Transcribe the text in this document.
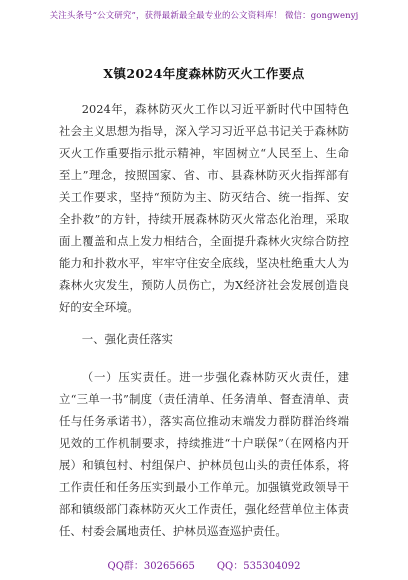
关注头条号“公文研究”，获得最新最全最专业的公文资料库！ 微信：gongwenyj
X镇2024年度森林防灭火工作要点

2024年，森林防灭火工作以习近平新时代中国特色社会主义思想为指导，深入学习习近平总书记关于森林防灭火工作重要指示批示精神，牢固树立“人民至上、生命至上”理念，按照国家、省、市、县森林防灭火指挥部有关工作要求，坚持“预防为主、防灭结合、统一指挥、安全扑救”的方针，持续开展森林防灭火常态化治理，采取面上覆盖和点上发力相结合，全面提升森林火灾综合防控能力和扑救水平，牢牢守住安全底线，坚决杜绝重大人为森林火灾发生，预防人员伤亡，为X经济社会发展创造良好的安全环境。

一、强化责任落实

（一）压实责任。进一步强化森林防灭火责任，建立“三单一书”制度（责任清单、任务清单、督查清单、责任与任务承诺书），落实高位推动末端发力群防群治终端见效的工作机制要求，持续推进“十户联保”（在网格内开展）和镇包村、村组保户、护林员包山头的责任体系，将工作责任和任务压实到最小工作单元。加强镇党政领导干部和镇级部门森林防灭火工作责任，强化经营单位主体责任、村委会属地责任、护林员巡查巡护责任。

QQ群：30265665 QQ：535304092
